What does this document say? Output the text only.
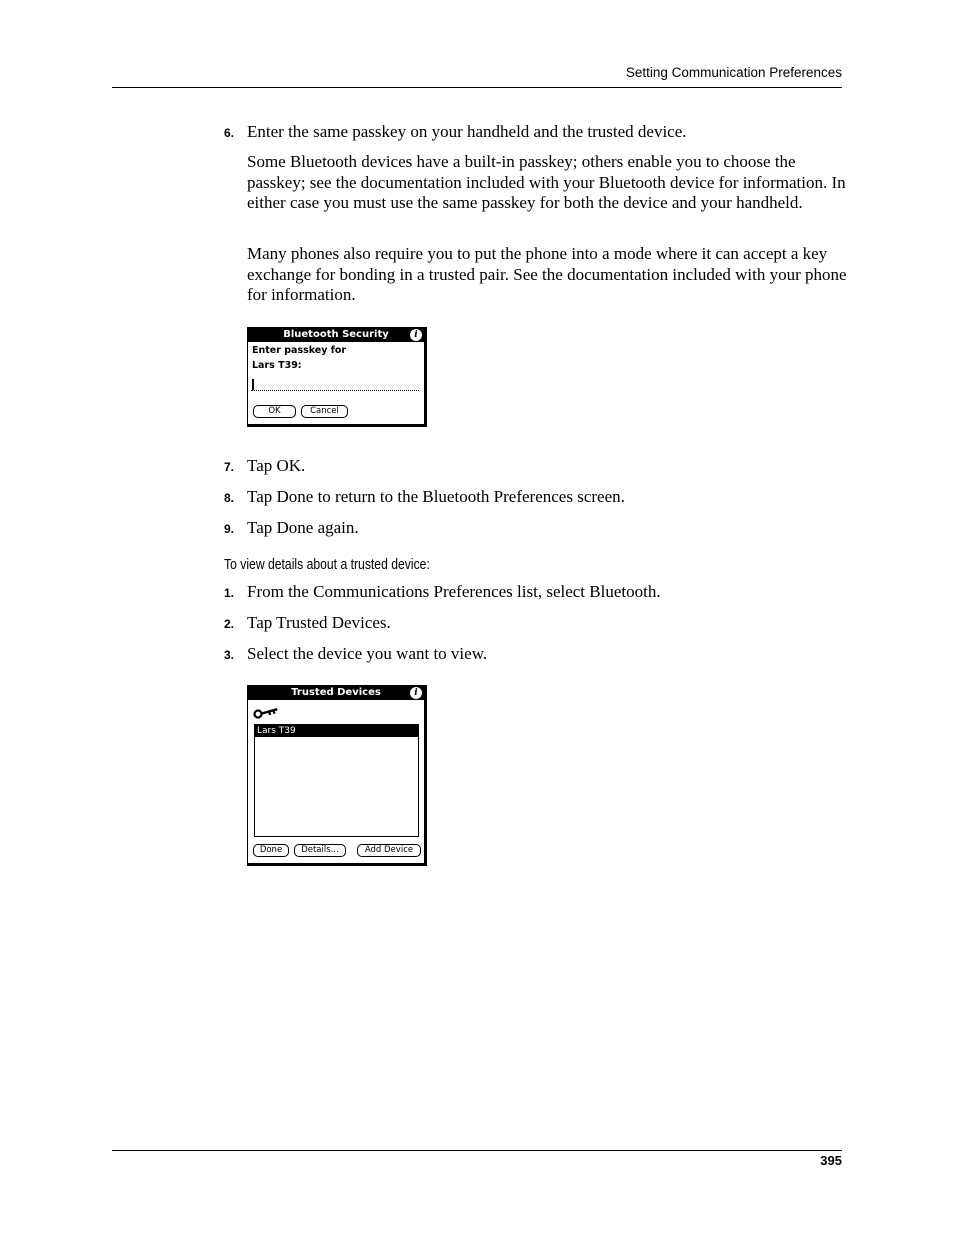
Setting Communication Preferences
6. Enter the same passkey on your handheld and the trusted device.
Some Bluetooth devices have a built-in passkey; others enable you to choose the passkey; see the documentation included with your Bluetooth device for information. In either case you must use the same passkey for both the device and your handheld.
Many phones also require you to put the phone into a mode where it can accept a key exchange for bonding in a trusted pair. See the documentation included with your phone for information.
Bluetooth Security	i
Enter passkey for
Lars T39:
OK	Cancel
7. Tap OK.
8. Tap Done to return to the Bluetooth Preferences screen.
9. Tap Done again.
To view details about a trusted device:
1. From the Communications Preferences list, select Bluetooth.
2. Tap Trusted Devices.
3. Select the device you want to view.
Trusted Devices	i
Lars T39
Done	Details...	Add Device
395
